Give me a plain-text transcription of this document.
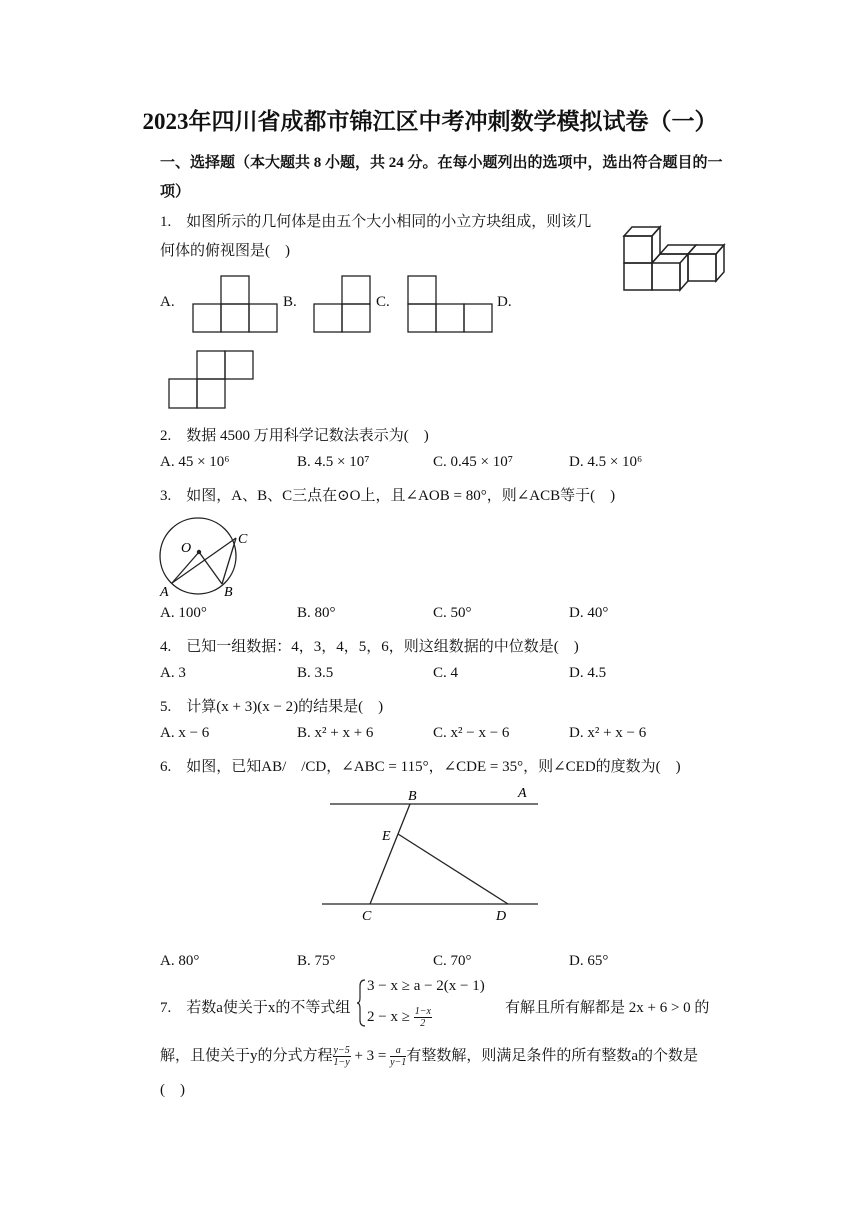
2023年四川省成都市锦江区中考冲刺数学模拟试卷（一）
一、选择题（本大题共 8 小题，共 24 分。在每小题列出的选项中，选出符合题目的一项）
1.　如图所示的几何体是由五个大小相同的小立方块组成，则该几
何体的俯视图是(　)
A.	B.	C.	D.
2.　数据 4500 万用科学记数法表示为(　)
A. 45 × 10⁶	B. 4.5 × 10⁷	C. 0.45 × 10⁷	D. 4.5 × 10⁶
3.　如图，A、B、C三点在⊙O上，且∠AOB = 80°，则∠ACB等于(　)
O
C
A	B
A. 100°	B. 80°	C. 50°	D. 40°
4.　已知一组数据：4，3，4，5，6，则这组数据的中位数是(　)
A. 3	B. 3.5	C. 4	D. 4.5
5.　计算(x + 3)(x − 2)的结果是(　)
A. x − 6	B. x² + x + 6	C. x² − x − 6	D. x² + x − 6
6.　如图，已知AB/　/CD，∠ABC = 115°，∠CDE = 35°，则∠CED的度数为(　)
B	A
E
C	D
A. 80°	B. 75°	C. 70°	D. 65°
7.　若数a使关于x的不等式组
3 − x ≥ a − 2(x − 1)
$2 - x \ge \frac{1-x}{2}$	有解且所有解都是 2x + 6 > 0 的
解，且使关于y的分式方程 $\frac{y-5}{1-y} + 3 = \frac{a}{y-1}$ 有整数解，则满足条件的所有整数a的个数是
(　)
